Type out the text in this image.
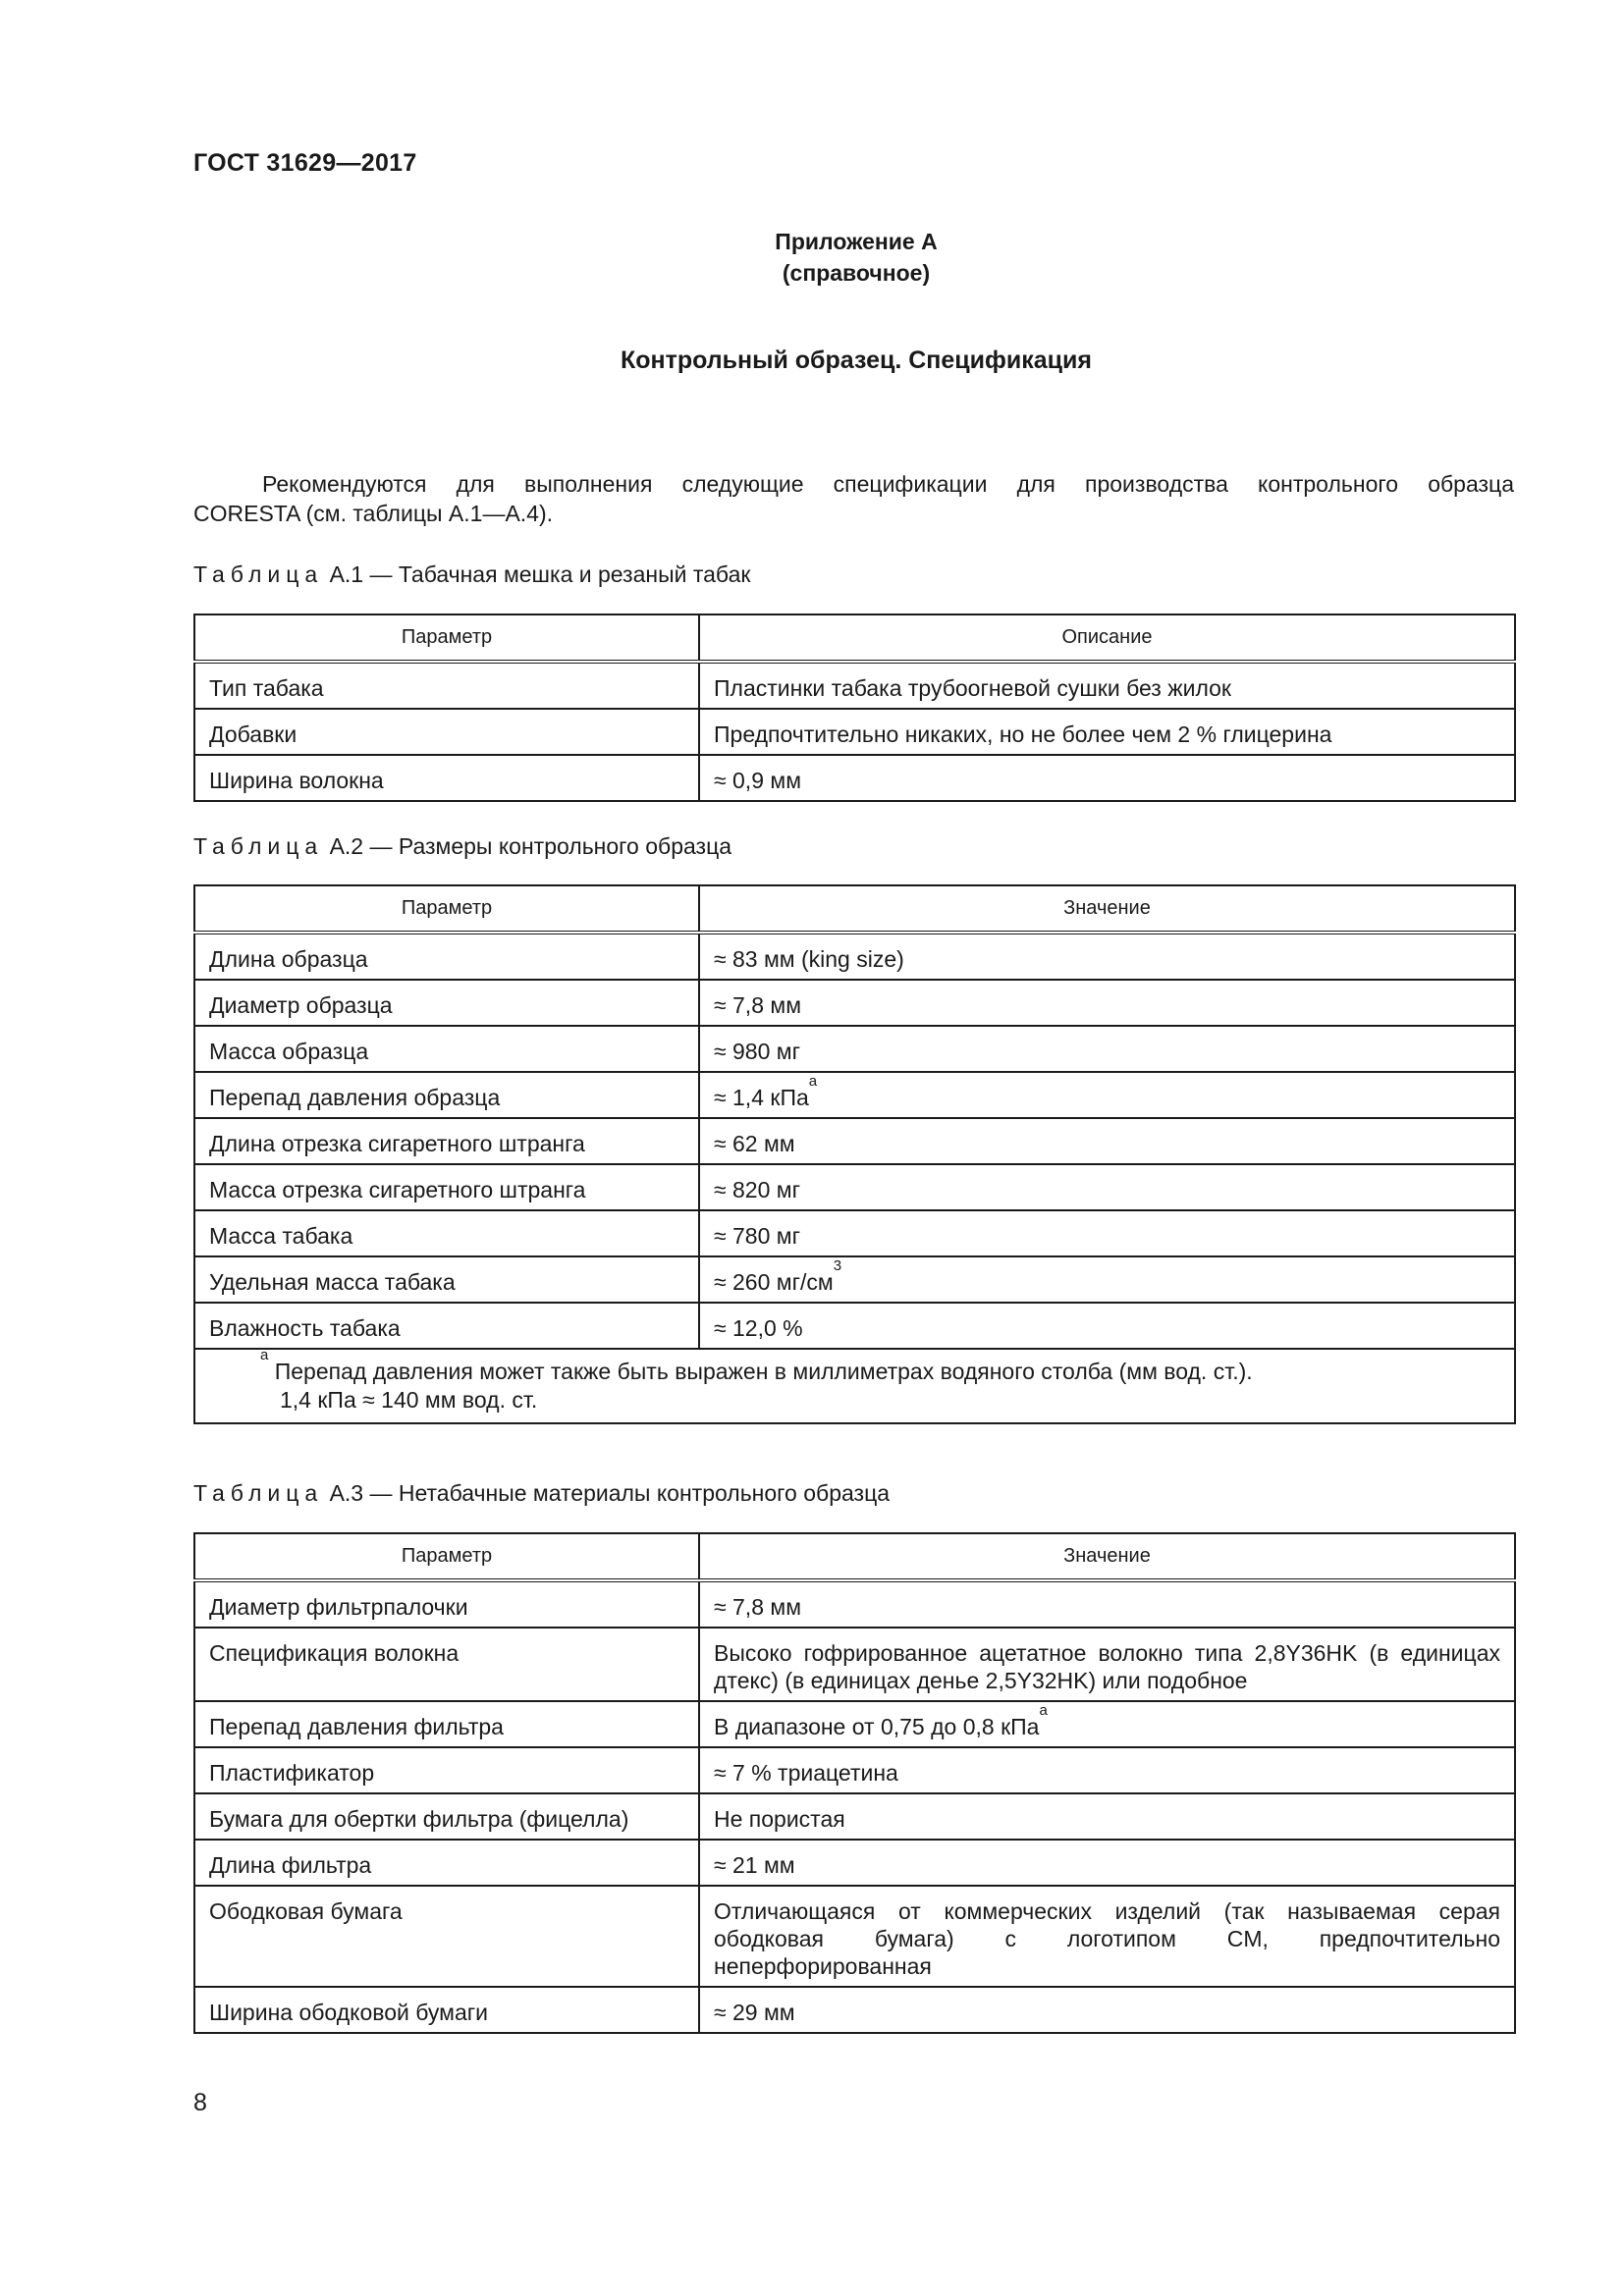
ГОСТ 31629—2017
Приложение А
(справочное)
Контрольный образец. Спецификация
Рекомендуются для выполнения следующие спецификации для производства контрольного образца
CORESTA (см. таблицы А.1—А.4).
Таблица А.1 — Табачная мешка и резаный табак
Параметр	Описание
Тип табака	Пластинки табака трубоогневой сушки без жилок
Добавки	Предпочтительно никаких, но не более чем 2 % глицерина
Ширина волокна	≈ 0,9 мм
Таблица А.2 — Размеры контрольного образца
Параметр	Значение
Длина образца	≈ 83 мм (king size)
Диаметр образца	≈ 7,8 мм
Масса образца	≈ 980 мг
Перепад давления образца	≈ 1,4 кПа$^a$
Длина отрезка сигаретного штранга	≈ 62 мм
Масса отрезка сигаретного штранга	≈ 820 мг
Масса табака	≈ 780 мг
Удельная масса табака	≈ 260 $мг/см^3$
Влажность табака	≈ 12,0 %

$^a$ Перепад давления может также быть выражен в миллиметрах водяного столба (мм вод. ст.).
1,4 кПа ≈ 140 мм вод. ст.	
Таблица А.3 — Нетабачные материалы контрольного образца
Параметр	Значение
Диаметр фильтрпалочки	≈ 7,8 мм
Спецификация волокна	Высоко гофрированное ацетатное волокно типа 2,8Y36HK (в единицах дтекс) (в единицах денье 2,5Y32HK) или подобное
Перепад давления фильтра	В диапазоне от 0,75 до 0,8 кПа$^a$
Пластификатор	≈ 7 % триацетина
Бумага для обертки фильтра (фицелла)	Не пористая
Длина фильтра	≈ 21 мм
Ободковая бумага	Отличающаяся от коммерческих изделий (так называемая серая ободковая бумага) с логотипом CM, предпочтительно неперфорированная
Ширина ободковой бумаги	≈ 29 мм
8
